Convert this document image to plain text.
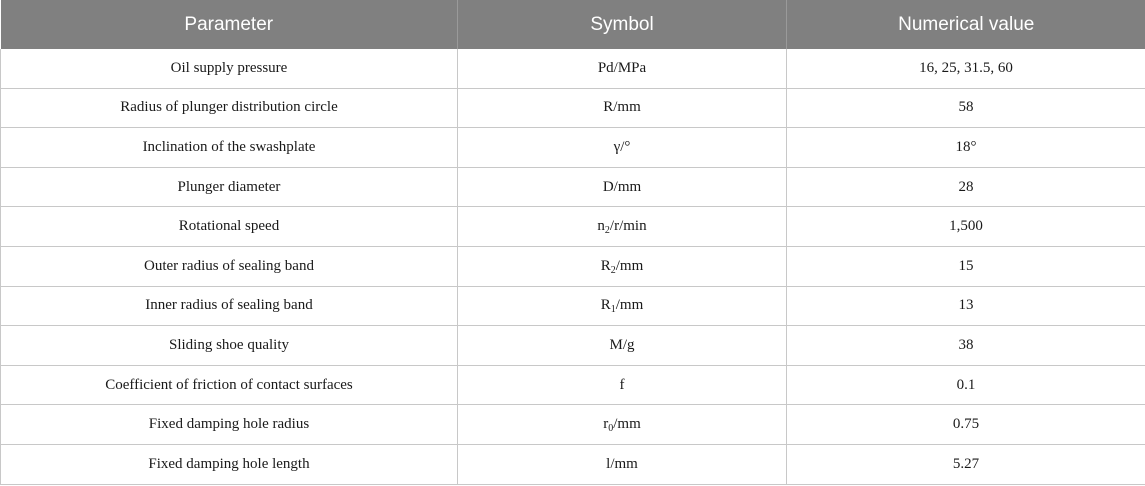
Parameter	Symbol	Numerical value
Oil supply pressure	Pd/MPa	16, 25, 31.5, 60
Radius of plunger distribution circle	R/mm	58
Inclination of the swashplate	γ/°	18°
Plunger diameter	D/mm	28
Rotational speed	$n_2/r/\min$	1,500
Outer radius of sealing band	$R_2/mm$	15
Inner radius of sealing band	$R_1/mm$	13
Sliding shoe quality	M/g	38
Coefficient of friction of contact surfaces	f	0.1
Fixed damping hole radius	$r_0/mm$	0.75
Fixed damping hole length	l/mm	5.27
